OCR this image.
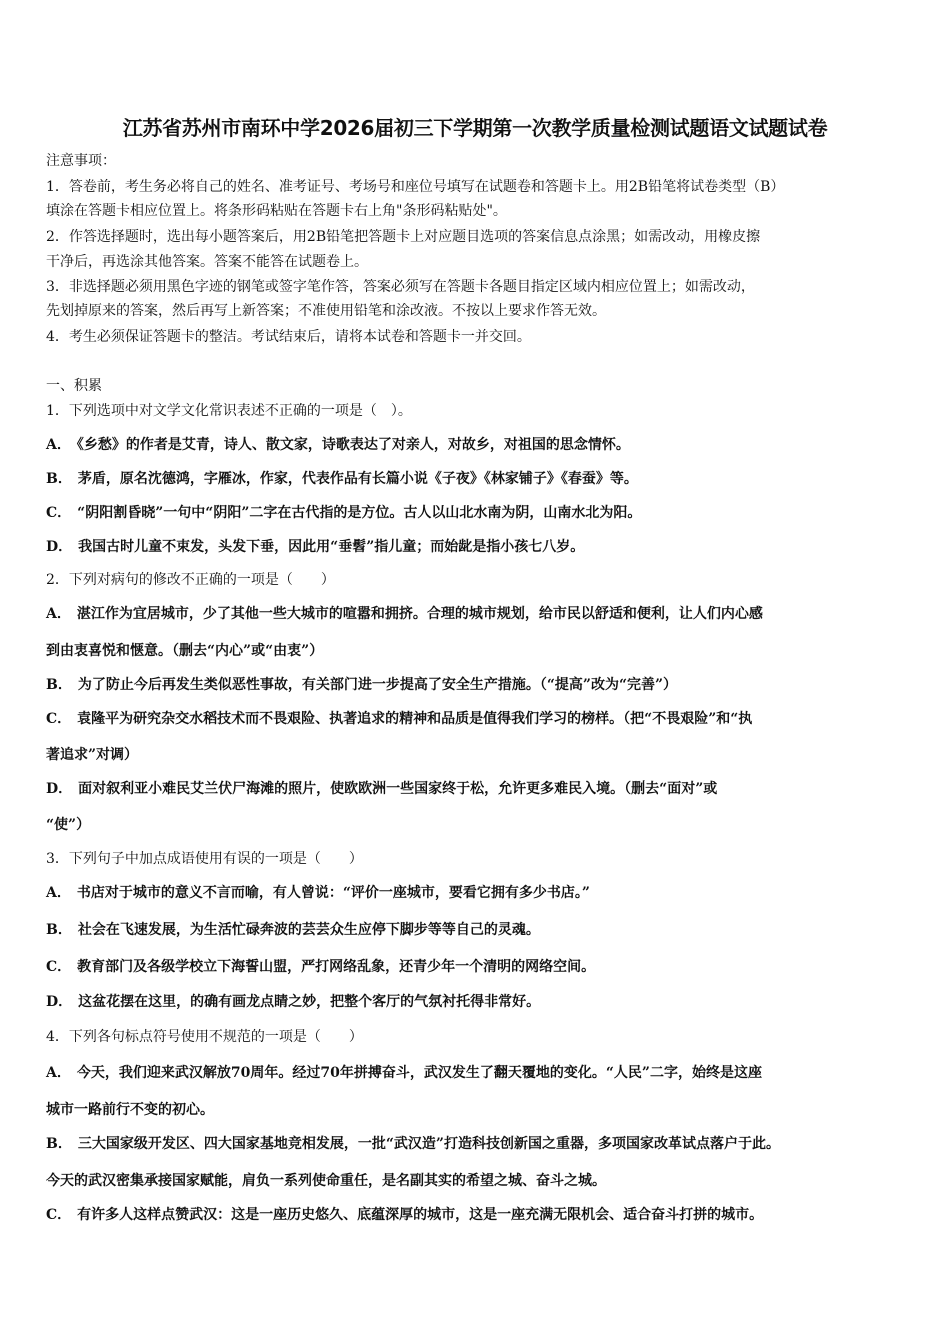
江苏省苏州市南环中学2026届初三下学期第一次教学质量检测试题语文试题试卷
注意事项：
1．答卷前，考生务必将自己的姓名、准考证号、考场号和座位号填写在试题卷和答题卡上。用2B铅笔将试卷类型（B）
填涂在答题卡相应位置上。将条形码粘贴在答题卡右上角"条形码粘贴处"。
2．作答选择题时，选出每小题答案后，用2B铅笔把答题卡上对应题目选项的答案信息点涂黑；如需改动，用橡皮擦
干净后，再选涂其他答案。答案不能答在试题卷上。
3．非选择题必须用黑色字迹的钢笔或签字笔作答，答案必须写在答题卡各题目指定区域内相应位置上；如需改动，
先划掉原来的答案，然后再写上新答案；不准使用铅笔和涂改液。不按以上要求作答无效。
4．考生必须保证答题卡的整洁。考试结束后，请将本试卷和答题卡一并交回。
一、积累
1．下列选项中对文学文化常识表述不正确的一项是（　）。
A． 《乡愁》的作者是艾青，诗人、散文家，诗歌表达了对亲人，对故乡，对祖国的思念情怀。
B． 茅盾，原名沈德鸿，字雁冰，作家，代表作品有长篇小说《子夜》《林家铺子》《春蚕》等。
C． “阴阳割昏晓”一句中“阴阳”二字在古代指的是方位。古人以山北水南为阴，山南水北为阳。
D． 我国古时儿童不束发，头发下垂，因此用“垂髫”指儿童；而始龀是指小孩七八岁。
2．下列对病句的修改不正确的一项是（　　）
A． 湛江作为宜居城市，少了其他一些大城市的喧嚣和拥挤。合理的城市规划，给市民以舒适和便利，让人们内心感
到由衷喜悦和惬意。（删去“内心”或“由衷”）
B． 为了防止今后再发生类似恶性事故，有关部门进一步提高了安全生产措施。（“提高”改为“完善”）
C． 袁隆平为研究杂交水稻技术而不畏艰险、执著追求的精神和品质是值得我们学习的榜样。（把“不畏艰险”和“执
著追求”对调）
D． 面对叙利亚小难民艾兰伏尸海滩的照片，使欧欧洲一些国家终于松，允许更多难民入境。（删去“面对”或
“使”）
3．下列句子中加点成语使用有误的一项是（　　）
A． 书店对于城市的意义不言而喻，有人曾说：“评价一座城市，要看它拥有多少书店。”
B． 社会在飞速发展，为生活忙碌奔波的芸芸众生应停下脚步等等自己的灵魂。
C． 教育部门及各级学校立下海誓山盟，严打网络乱象，还青少年一个清明的网络空间。
D． 这盆花摆在这里，的确有画龙点睛之妙，把整个客厅的气氛衬托得非常好。
4．下列各句标点符号使用不规范的一项是（　　）
A． 今天，我们迎来武汉解放70周年。经过70年拼搏奋斗，武汉发生了翻天覆地的变化。“人民”二字，始终是这座
城市一路前行不变的初心。
B． 三大国家级开发区、四大国家基地竞相发展，一批“武汉造”打造科技创新国之重器，多项国家改革试点落户于此。
今天的武汉密集承接国家赋能，肩负一系列使命重任，是名副其实的希望之城、奋斗之城。
C． 有许多人这样点赞武汉：这是一座历史悠久、底蕴深厚的城市，这是一座充满无限机会、适合奋斗打拼的城市。
